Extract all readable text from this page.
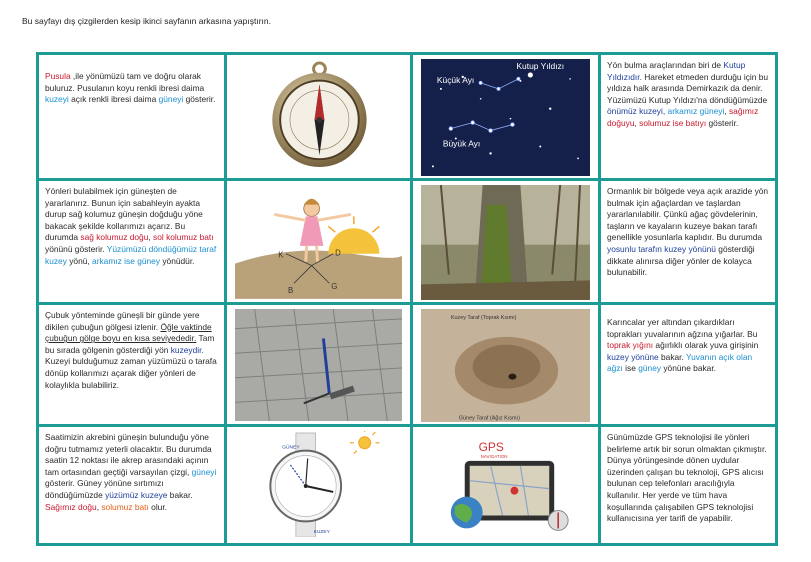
Bu sayfayı dış çizgilerden kesip ikinci sayfanın arkasına yapıştırın.
Pusula ,ile yönümüzü tam ve doğru olarak buluruz. Pusulanın koyu renkli ibresi daima kuzeyi açık renkli ibresi daima güneyi gösterir.
Küçük Ayı
Kutup Yıldızı
Büyük Ayı
Yön bulma araçlarından biri de Kutup Yıldızıdır. Hareket etmeden durduğu için bu yıldıza halk arasında Demirkazık da denir. Yüzümüzü Kutup Yıldızı'na döndüğümüzde önümüz kuzeyi, arkamız güneyi, sağımız doğuyu, solumuz ise batıyı gösterir.
Yönleri bulabilmek için güneşten de yararlanırız. Bunun için sabahleyin ayakta durup sağ kolumuz güneşin doğduğu yöne bakacak şekilde kollarımızı açarız. Bu durumda sağ kolumuz doğu, sol kolumuz batı yönünü gösterir. Yüzümüzü döndüğümüz taraf kuzey yönü, arkamız ise güney yönüdür.
K	D
B	G
Ormanlık bir bölgede veya açık arazide yön bulmak için ağaçlardan ve taşlardan yararlanılabilir. Çünkü ağaç gövdelerinin, taşların ve kayaların kuzeye bakan tarafı genellikle yosunlarla kaplıdır. Bu durumda yosunlu tarafın kuzey yönünü gösterdiği dikkate alınırsa diğer yönler de kolayca bulunabilir.
Çubuk yönteminde güneşli bir günde yere dikilen çubuğun gölgesi izlenir. Öğle vaktinde çubuğun gölge boyu en kısa seviyededir. Tam bu sırada gölgenin gösterdiği yön kuzeydir. Kuzeyi bulduğumuz zaman yüzümüzü o tarafa dönüp kollarımızı açarak diğer yönleri de kolaylıkla bulabiliriz.
Kuzey Taraf (Toprak Kısmı)
Güney Taraf (Ağız Kısmı)
Karıncalar yer altından çıkardıkları toprakları yuvalarının ağzına yığarlar. Bu toprak yığını ağırlıklı olarak yuva girişinin kuzey yönüne bakar. Yuvanın açık olan ağzı ise güney yönüne bakar.
Saatimizin akrebini güneşin bulunduğu yöne doğru tutmamız yeterli olacaktır. Bu durumda saatin 12 noktası ile akrep arasındaki açının tam ortasından geçtiği varsayılan çizgi, güneyi gösterir. Güney yönüne sırtımızı döndüğümüzde yüzümüz kuzeye bakar. Sağımız doğu, solumuz batı olur.
GÜNEY
KUZEY
GPS
NAVIGATION
Günümüzde GPS teknolojisi ile yönleri belirleme artık bir sorun olmaktan çıkmıştır. Dünya yörüngesinde dönen uydular üzerinden çalışan bu teknoloji, GPS alıcısı bulunan cep telefonları aracılığıyla kullanılır. Her yerde ve tüm hava koşullarında çalışabilen GPS teknolojisi kullanıcısına yer tarifi de yapabilir.
